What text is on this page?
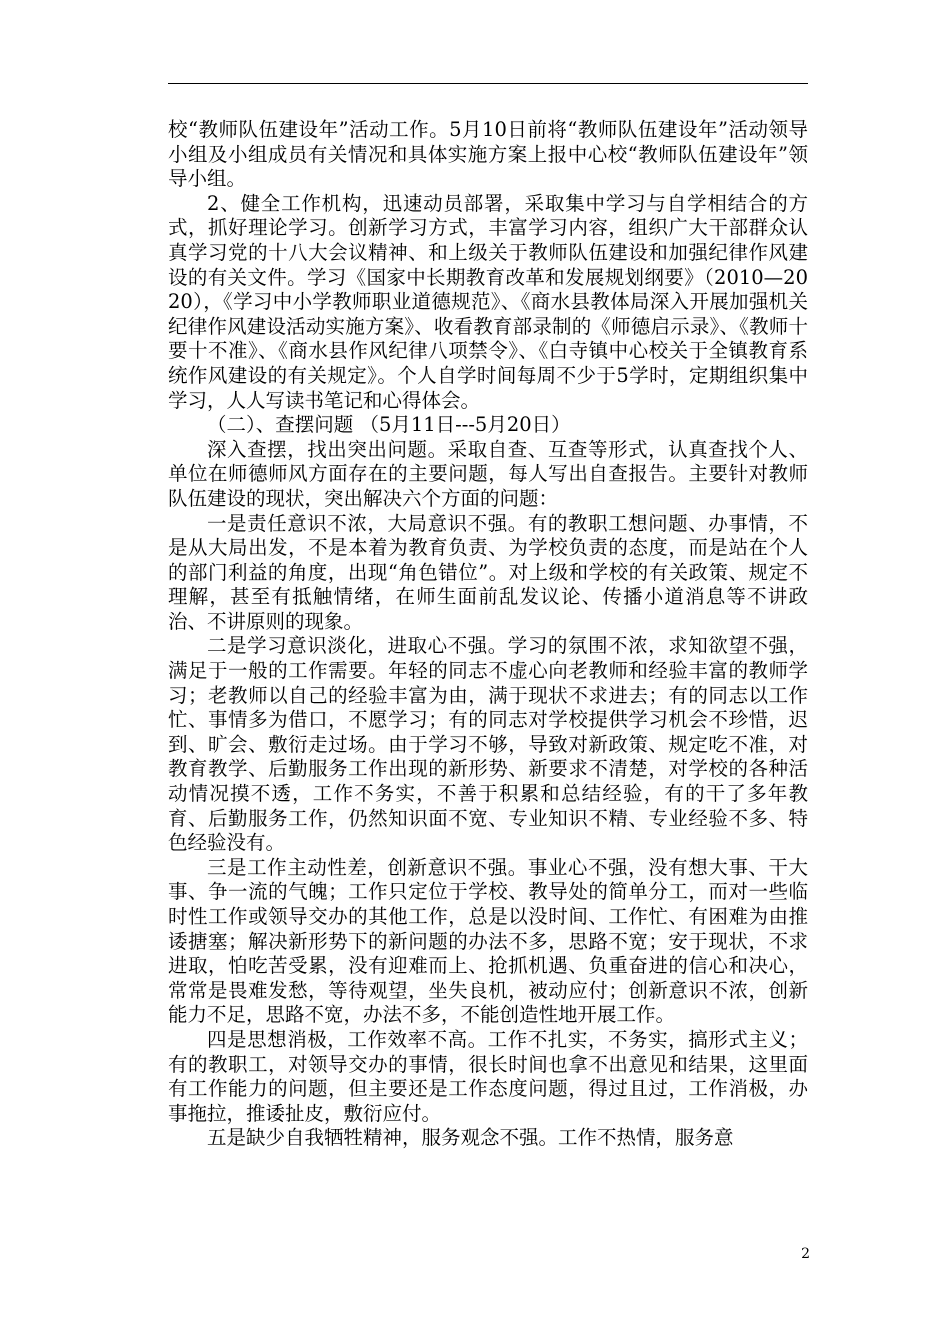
校“教师队伍建设年”活动工作。5月10日前将“教师队伍建设年”活动领导小组及小组成员有关情况和具体实施方案上报中心校“教师队伍建设年”领导小组。

2、健全工作机构，迅速动员部署，采取集中学习与自学相结合的方式，抓好理论学习。创新学习方式，丰富学习内容，组织广大干部群众认真学习党的十八大会议精神、和上级关于教师队伍建设和加强纪律作风建设的有关文件。学习《国家中长期教育改革和发展规划纲要》（2010—2020），《学习中小学教师职业道德规范》、《商水县教体局深入开展加强机关纪律作风建设活动实施方案》、收看教育部录制的《师德启示录》、《教师十要十不准》、《商水县作风纪律八项禁令》、《白寺镇中心校关于全镇教育系统作风建设的有关规定》。个人自学时间每周不少于5学时，定期组织集中学习，人人写读书笔记和心得体会。

（二）、查摆问题 （5月11日---5月20日）

深入查摆，找出突出问题。采取自查、互查等形式，认真查找个人、单位在师德师风方面存在的主要问题，每人写出自查报告。主要针对教师队伍建设的现状，突出解决六个方面的问题：

一是责任意识不浓，大局意识不强。有的教职工想问题、办事情，不是从大局出发，不是本着为教育负责、为学校负责的态度，而是站在个人的部门利益的角度，出现“角色错位”。对上级和学校的有关政策、规定不理解，甚至有抵触情绪，在师生面前乱发议论、传播小道消息等不讲政治、不讲原则的现象。

二是学习意识淡化，进取心不强。学习的氛围不浓，求知欲望不强，满足于一般的工作需要。年轻的同志不虚心向老教师和经验丰富的教师学习；老教师以自己的经验丰富为由，满于现状不求进去；有的同志以工作忙、事情多为借口，不愿学习；有的同志对学校提供学习机会不珍惜，迟到、旷会、敷衍走过场。由于学习不够，导致对新政策、规定吃不准，对教育教学、后勤服务工作出现的新形势、新要求不清楚，对学校的各种活动情况摸不透，工作不务实，不善于积累和总结经验，有的干了多年教育、后勤服务工作，仍然知识面不宽、专业知识不精、专业经验不多、特色经验没有。

三是工作主动性差，创新意识不强。事业心不强，没有想大事、干大事、争一流的气魄；工作只定位于学校、教导处的简单分工，而对一些临时性工作或领导交办的其他工作，总是以没时间、工作忙、有困难为由推诿搪塞；解决新形势下的新问题的办法不多，思路不宽；安于现状，不求进取，怕吃苦受累，没有迎难而上、抢抓机遇、负重奋进的信心和决心，常常是畏难发愁，等待观望，坐失良机，被动应付；创新意识不浓，创新能力不足，思路不宽，办法不多，不能创造性地开展工作。

四是思想消极，工作效率不高。工作不扎实，不务实，搞形式主义；有的教职工，对领导交办的事情，很长时间也拿不出意见和结果，这里面有工作能力的问题，但主要还是工作态度问题，得过且过，工作消极，办事拖拉，推诿扯皮，敷衍应付。

五是缺少自我牺牲精神，服务观念不强。工作不热情，服务意

2
